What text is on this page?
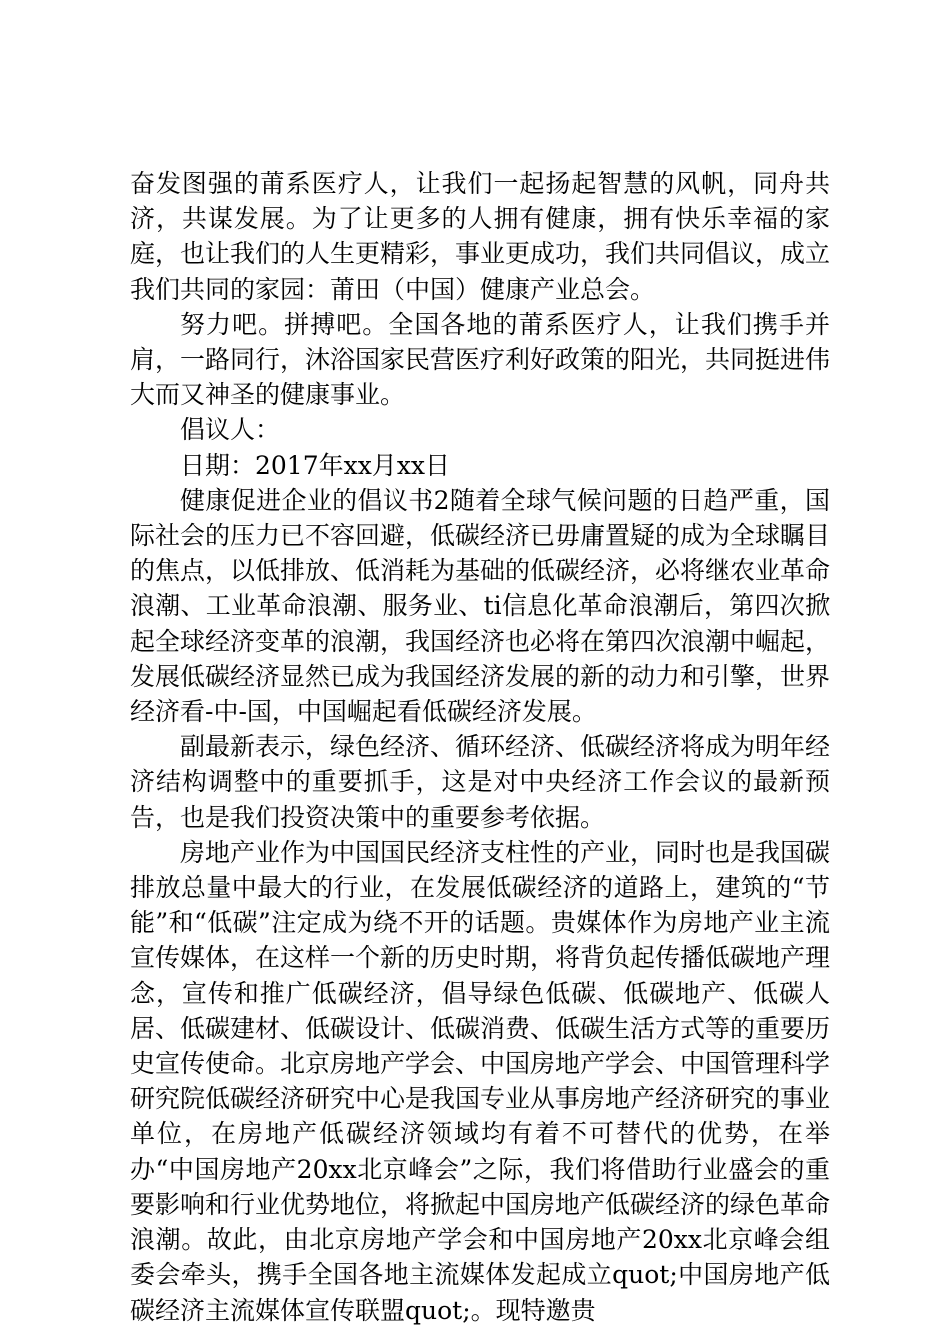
奋发图强的莆系医疗人，让我们一起扬起智慧的风帆，同舟共济，共谋发展。为了让更多的人拥有健康，拥有快乐幸福的家庭，也让我们的人生更精彩，事业更成功，我们共同倡议，成立我们共同的家园：莆田（中国）健康产业总会。

努力吧。拼搏吧。全国各地的莆系医疗人，让我们携手并肩，一路同行，沐浴国家民营医疗利好政策的阳光，共同挺进伟大而又神圣的健康事业。

倡议人：

日期：2017年xx月xx日

健康促进企业的倡议书2随着全球气候问题的日趋严重，国际社会的压力已不容回避，低碳经济已毋庸置疑的成为全球瞩目的焦点，以低排放、低消耗为基础的低碳经济，必将继农业革命浪潮、工业革命浪潮、服务业、ti信息化革命浪潮后，第四次掀起全球经济变革的浪潮，我国经济也必将在第四次浪潮中崛起，发展低碳经济显然已成为我国经济发展的新的动力和引擎，世界经济看-中-国，中国崛起看低碳经济发展。

副最新表示，绿色经济、循环经济、低碳经济将成为明年经济结构调整中的重要抓手，这是对中央经济工作会议的最新预告，也是我们投资决策中的重要参考依据。

房地产业作为中国国民经济支柱性的产业，同时也是我国碳排放总量中最大的行业，在发展低碳经济的道路上，建筑的“节能”和“低碳”注定成为绕不开的话题。贵媒体作为房地产业主流宣传媒体，在这样一个新的历史时期，将背负起传播低碳地产理念，宣传和推广低碳经济，倡导绿色低碳、低碳地产、低碳人居、低碳建材、低碳设计、低碳消费、低碳生活方式等的重要历史宣传使命。北京房地产学会、中国房地产学会、中国管理科学研究院低碳经济研究中心是我国专业从事房地产经济研究的事业单位，在房地产低碳经济领域均有着不可替代的优势，在举办“中国房地产20xx北京峰会”之际，我们将借助行业盛会的重要影响和行业优势地位，将掀起中国房地产低碳经济的绿色革命浪潮。故此，由北京房地产学会和中国房地产20xx北京峰会组委会牵头，携手全国各地主流媒体发起成立quot;中国房地产低碳经济主流媒体宣传联盟quot;。现特邀贵
